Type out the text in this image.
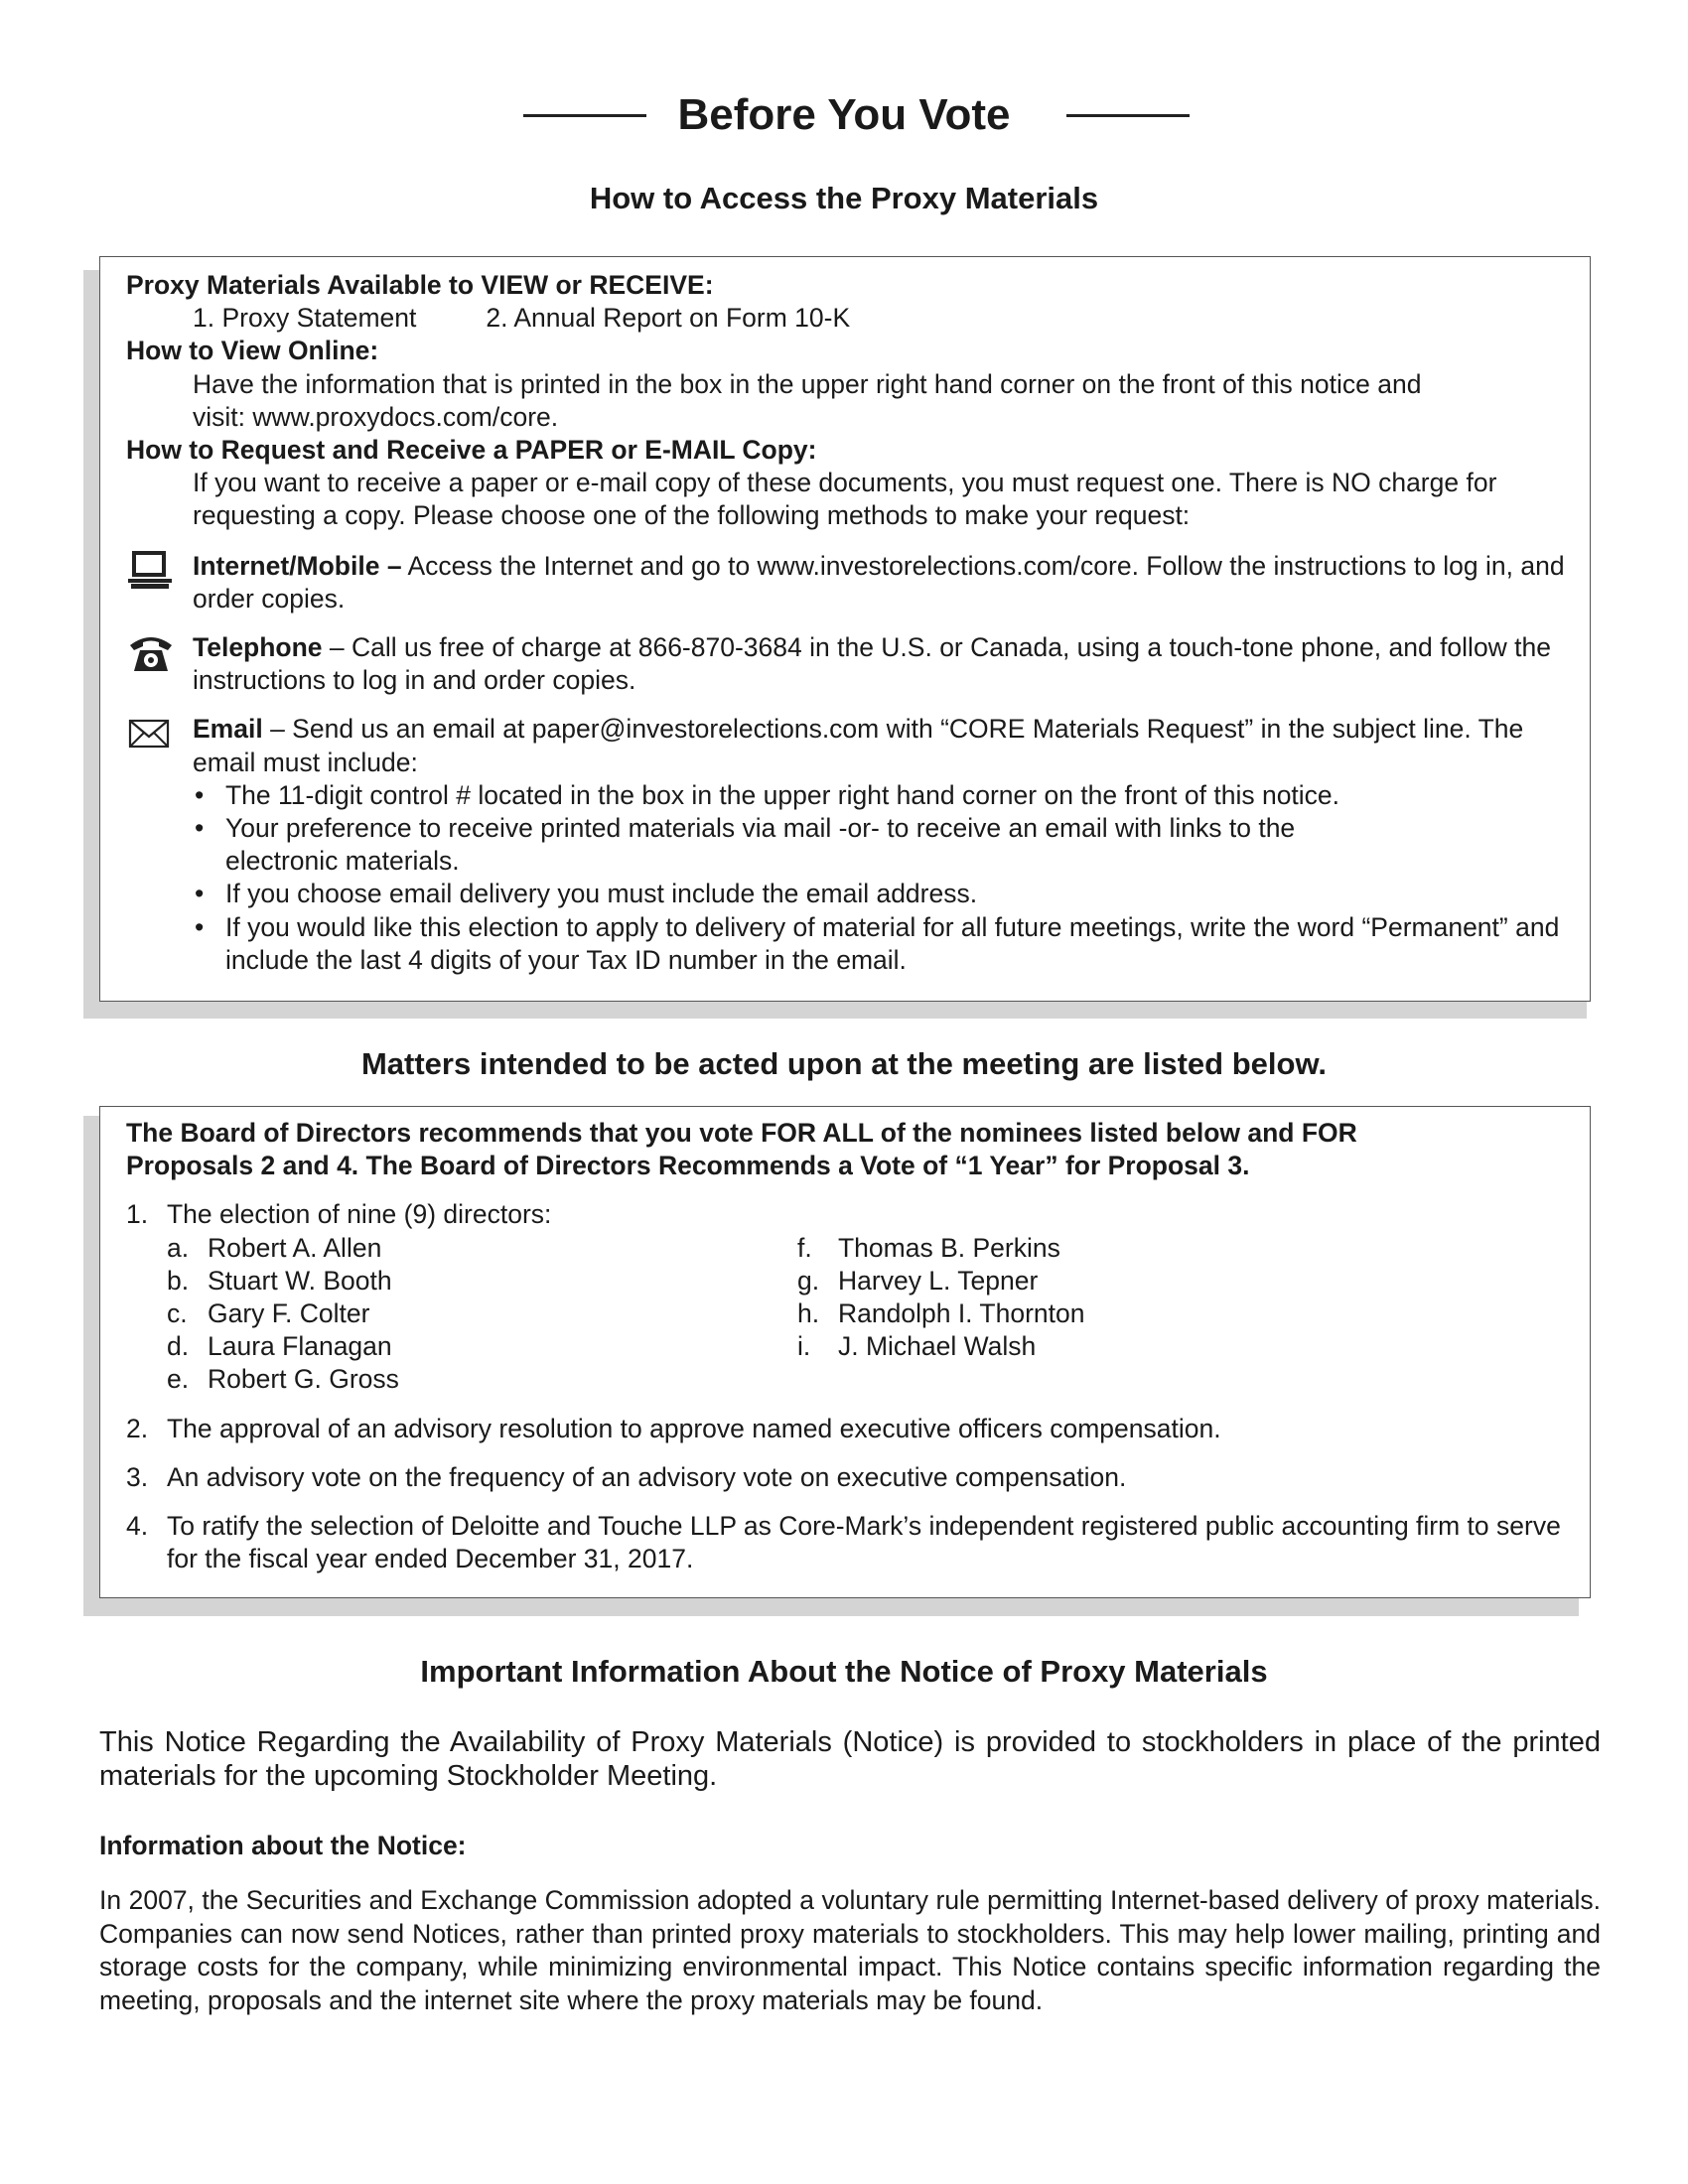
Before You Vote
How to Access the Proxy Materials
Proxy Materials Available to VIEW or RECEIVE:
1. Proxy Statement	2. Annual Report on Form 10-K
How to View Online:
Have the information that is printed in the box in the upper right hand corner on the front of this notice and visit: www.proxydocs.com/core.
How to Request and Receive a PAPER or E-MAIL Copy:
If you want to receive a paper or e-mail copy of these documents, you must request one. There is NO charge for requesting a copy. Please choose one of the following methods to make your request:
Internet/Mobile – Access the Internet and go to www.investorelections.com/core. Follow the instructions to log in, and order copies.
Telephone – Call us free of charge at 866-870-3684 in the U.S. or Canada, using a touch-tone phone, and follow the instructions to log in and order copies.
Email – Send us an email at paper@investorelections.com with “CORE Materials Request” in the subject line. The email must include:
• The 11-digit control # located in the box in the upper right hand corner on the front of this notice.
• Your preference to receive printed materials via mail -or- to receive an email with links to the electronic materials.
• If you choose email delivery you must include the email address.
• If you would like this election to apply to delivery of material for all future meetings, write the word “Permanent” and include the last 4 digits of your Tax ID number in the email.
Matters intended to be acted upon at the meeting are listed below.
The Board of Directors recommends that you vote FOR ALL of the nominees listed below and FOR Proposals 2 and 4. The Board of Directors Recommends a Vote of “1 Year” for Proposal 3.
1. The election of nine (9) directors:
a. Robert A. Allen
b. Stuart W. Booth
c. Gary F. Colter
d. Laura Flanagan
e. Robert G. Gross
f. Thomas B. Perkins
g. Harvey L. Tepner
h. Randolph I. Thornton
i. J. Michael Walsh
2. The approval of an advisory resolution to approve named executive officers compensation.
3. An advisory vote on the frequency of an advisory vote on executive compensation.
4. To ratify the selection of Deloitte and Touche LLP as Core-Mark’s independent registered public accounting firm to serve for the fiscal year ended December 31, 2017.
Important Information About the Notice of Proxy Materials
This Notice Regarding the Availability of Proxy Materials (Notice) is provided to stockholders in place of the printed materials for the upcoming Stockholder Meeting.
Information about the Notice:
In 2007, the Securities and Exchange Commission adopted a voluntary rule permitting Internet-based delivery of proxy materials. Companies can now send Notices, rather than printed proxy materials to stockholders. This may help lower mailing, printing and storage costs for the company, while minimizing environmental impact. This Notice contains specific information regarding the meeting, proposals and the internet site where the proxy materials may be found.
